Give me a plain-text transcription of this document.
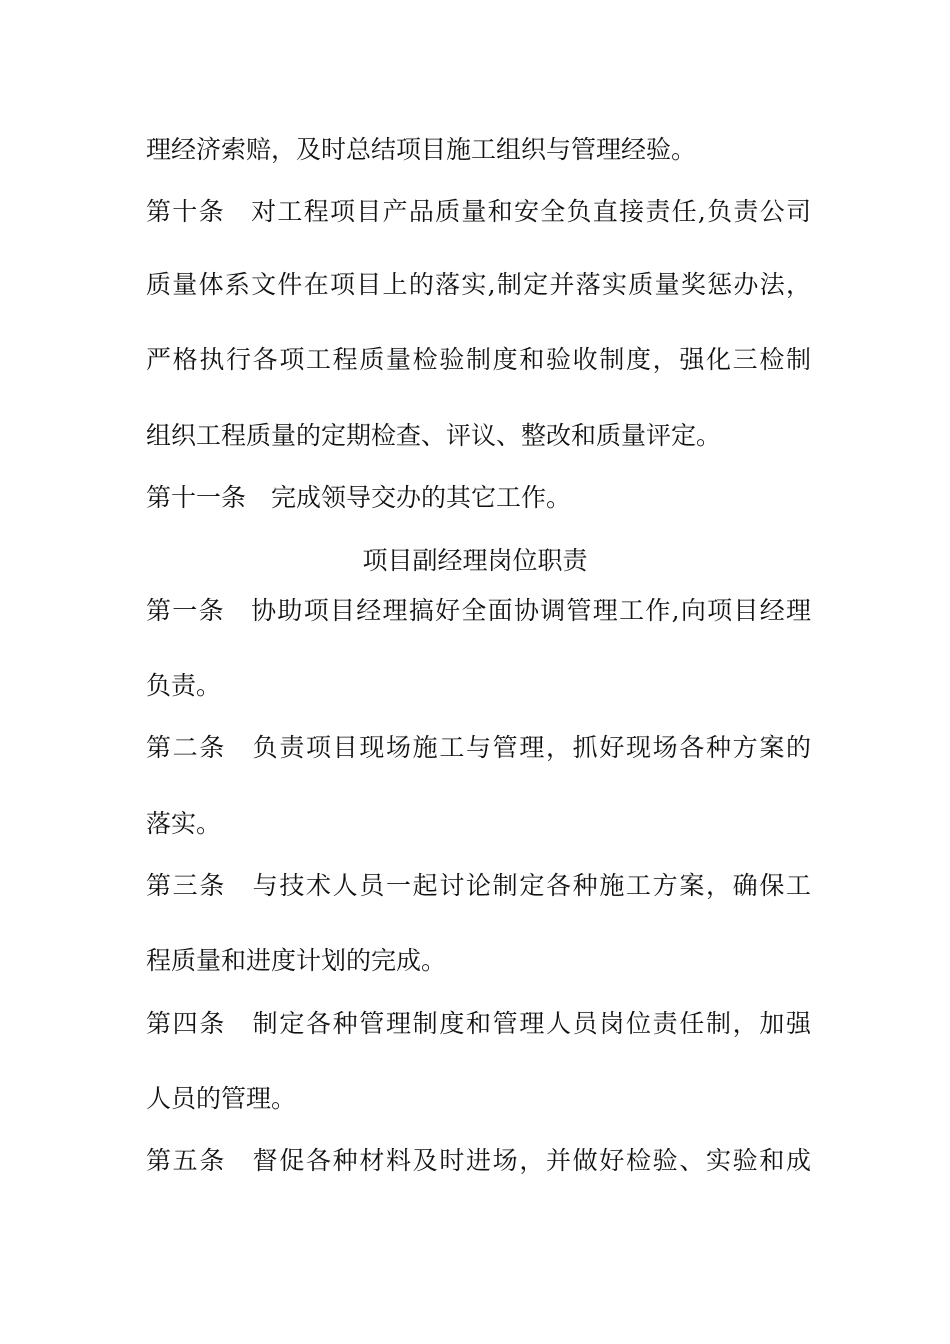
理经济索赔，及时总结项目施工组织与管理经验。

第十条　对工程项目产品质量和安全负直接责任,负责公司

质量体系文件在项目上的落实,制定并落实质量奖惩办法，

严格执行各项工程质量检验制度和验收制度，强化三检制

组织工程质量的定期检查、评议、整改和质量评定。

第十一条　完成领导交办的其它工作。

项目副经理岗位职责

第一条　协助项目经理搞好全面协调管理工作,向项目经理

负责。

第二条　负责项目现场施工与管理，抓好现场各种方案的

落实。

第三条　与技术人员一起讨论制定各种施工方案，确保工

程质量和进度计划的完成。

第四条　制定各种管理制度和管理人员岗位责任制，加强

人员的管理。

第五条　督促各种材料及时进场，并做好检验、实验和成
